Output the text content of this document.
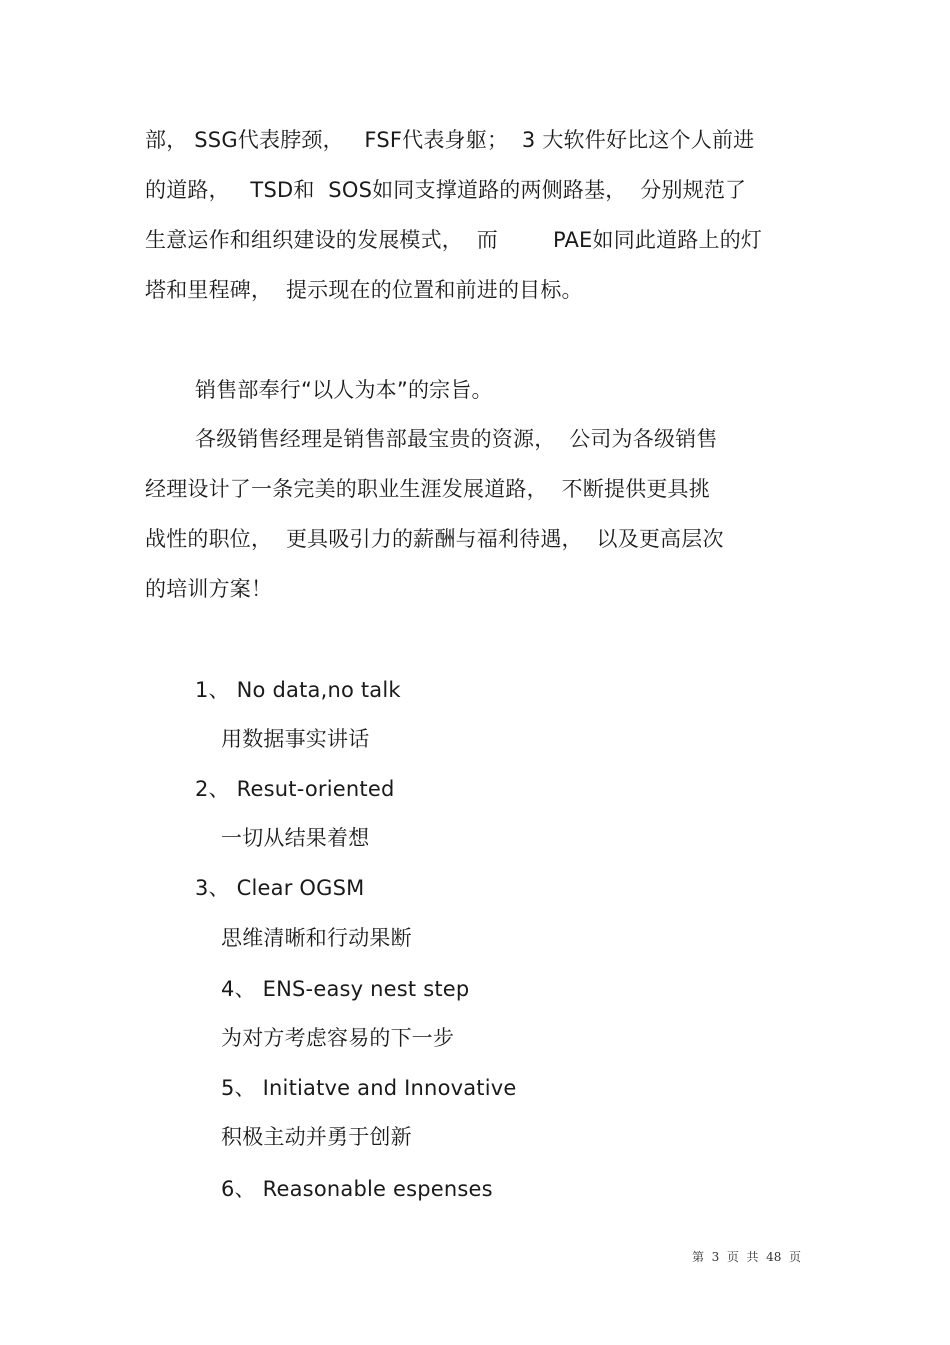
部， SSG代表脖颈，   FSF代表身躯；  3 大软件好比这个人前进
的道路，   TSD和  SOS如同支撑道路的两侧路基，  分别规范了
生意运作和组织建设的发展模式，  而        PAE如同此道路上的灯
塔和里程碑，  提示现在的位置和前进的目标。
销售部奉行“以人为本”的宗旨。
各级销售经理是销售部最宝贵的资源，  公司为各级销售
经理设计了一条完美的职业生涯发展道路，  不断提供更具挑
战性的职位，  更具吸引力的薪酬与福利待遇，  以及更高层次
的培训方案！
1、 No data,no talk
用数据事实讲话
2、 Resut-oriented
一切从结果着想
3、 Clear OGSM
思维清晰和行动果断
4、 ENS-easy nest step
为对方考虑容易的下一步
5、 Initiatve and Innovative
积极主动并勇于创新
6、 Reasonable espenses
第  3  页  共  48  页
